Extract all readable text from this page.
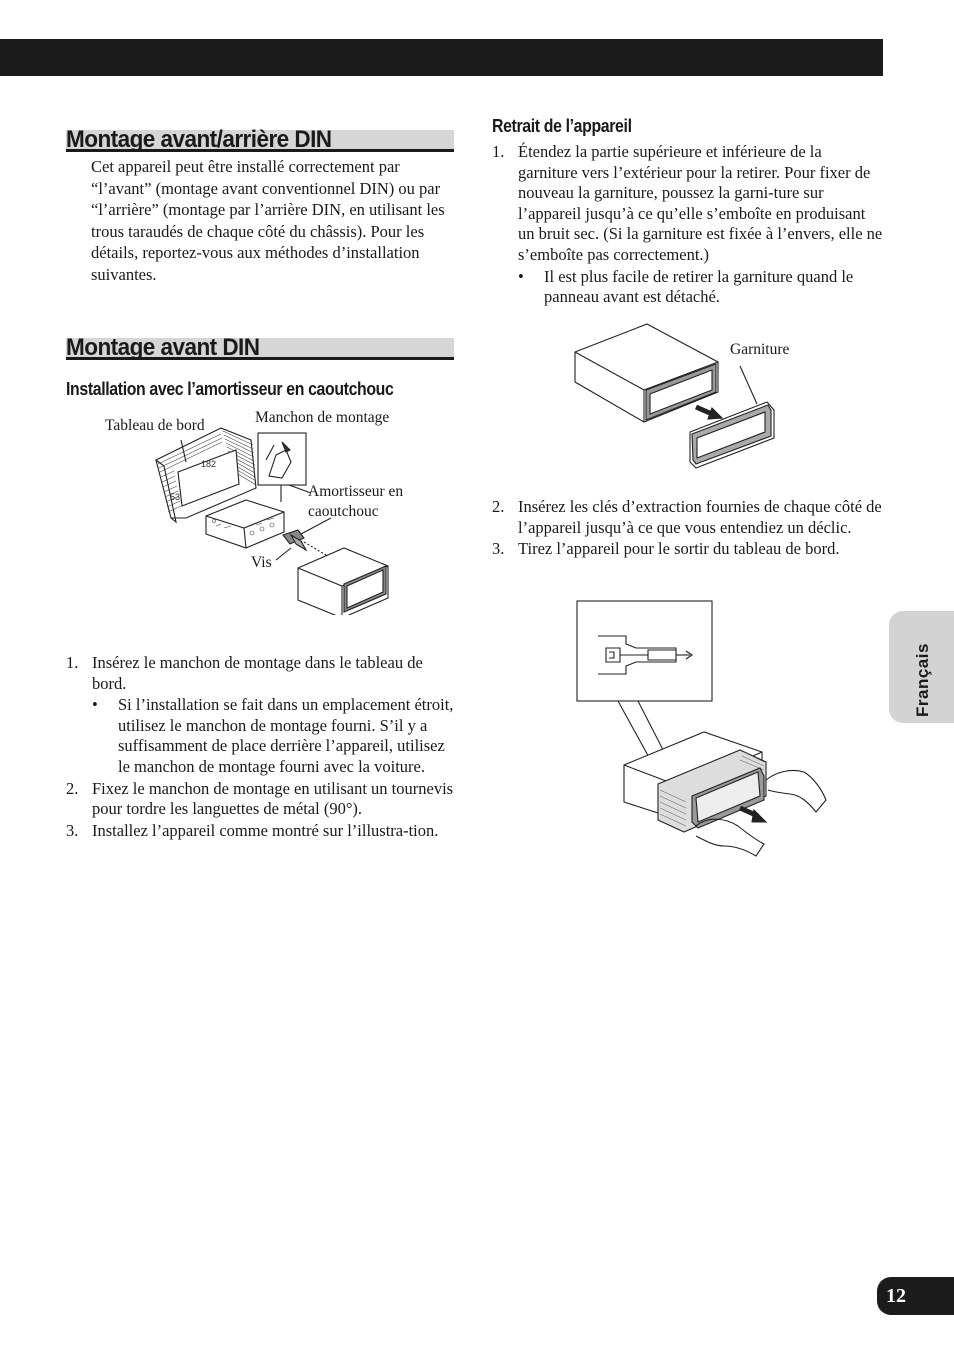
Montage avant/arrière DIN
Cet appareil peut être installé correctement par “l’avant” (montage avant conventionnel DIN) ou par “l’arrière” (montage par l’arrière DIN, en utilisant les trous taraudés de chaque côté du châssis). Pour les détails, reportez-vous aux méthodes d’installation suivantes.
Montage avant DIN
Installation avec l’amortisseur en caoutchouc
Tableau de bord	Manchon de montage
Amortisseur en
caoutchouc
Vis
182
53
1. Insérez le manchon de montage dans le tableau de bord.
• Si l’installation se fait dans un emplacement étroit, utilisez le manchon de montage fourni. S’il y a suffisamment de place derrière l’appareil, utilisez le manchon de montage fourni avec la voiture.
2. Fixez le manchon de montage en utilisant un tournevis pour tordre les languettes de métal (90°).
3. Installez l’appareil comme montré sur l’illustra-tion.
Retrait de l’appareil
1. Étendez la partie supérieure et inférieure de la garniture vers l’extérieur pour la retirer. Pour fixer de nouveau la garniture, poussez la garni-ture sur l’appareil jusqu’à ce qu’elle s’emboîte en produisant un bruit sec. (Si la garniture est fixée à l’envers, elle ne s’emboîte pas correctement.)
• Il est plus facile de retirer la garniture quand le panneau avant est détaché.
Garniture
2. Insérez les clés d’extraction fournies de chaque côté de l’appareil jusqu’à ce que vous entendiez un déclic.
3. Tirez l’appareil pour le sortir du tableau de bord.
Français
12
